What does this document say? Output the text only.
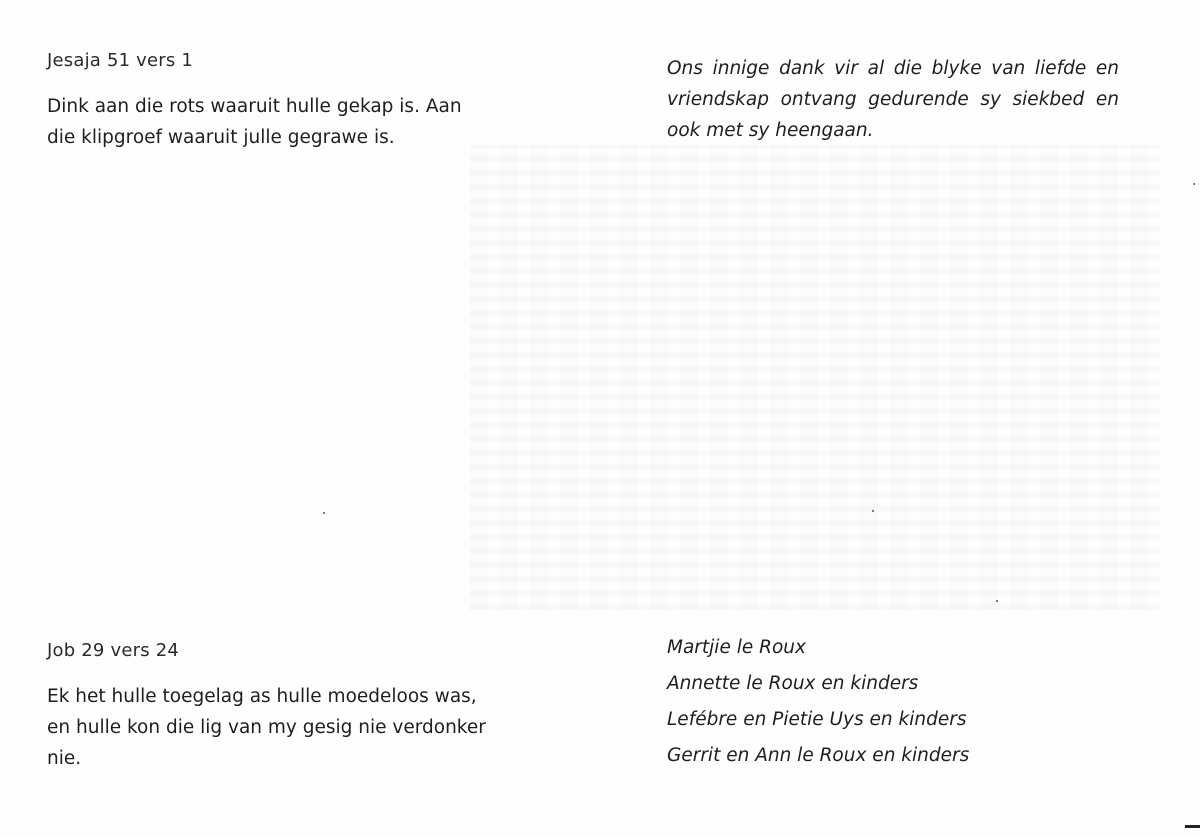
Jesaja 51 vers 1

Dink aan die rots waaruit hulle gekap is. Aan

die klipgroef waaruit julle gegrawe is.

Ons innige dank vir al die blyke van liefde en

vriendskap ontvang gedurende sy siekbed en

ook met sy heengaan.

Job 29 vers 24

Ek het hulle toegelag as hulle moedeloos was,

en hulle kon die lig van my gesig nie verdonker

nie.

Martjie le Roux

Annette le Roux en kinders

Lefébre en Pietie Uys en kinders

Gerrit en Ann le Roux en kinders
